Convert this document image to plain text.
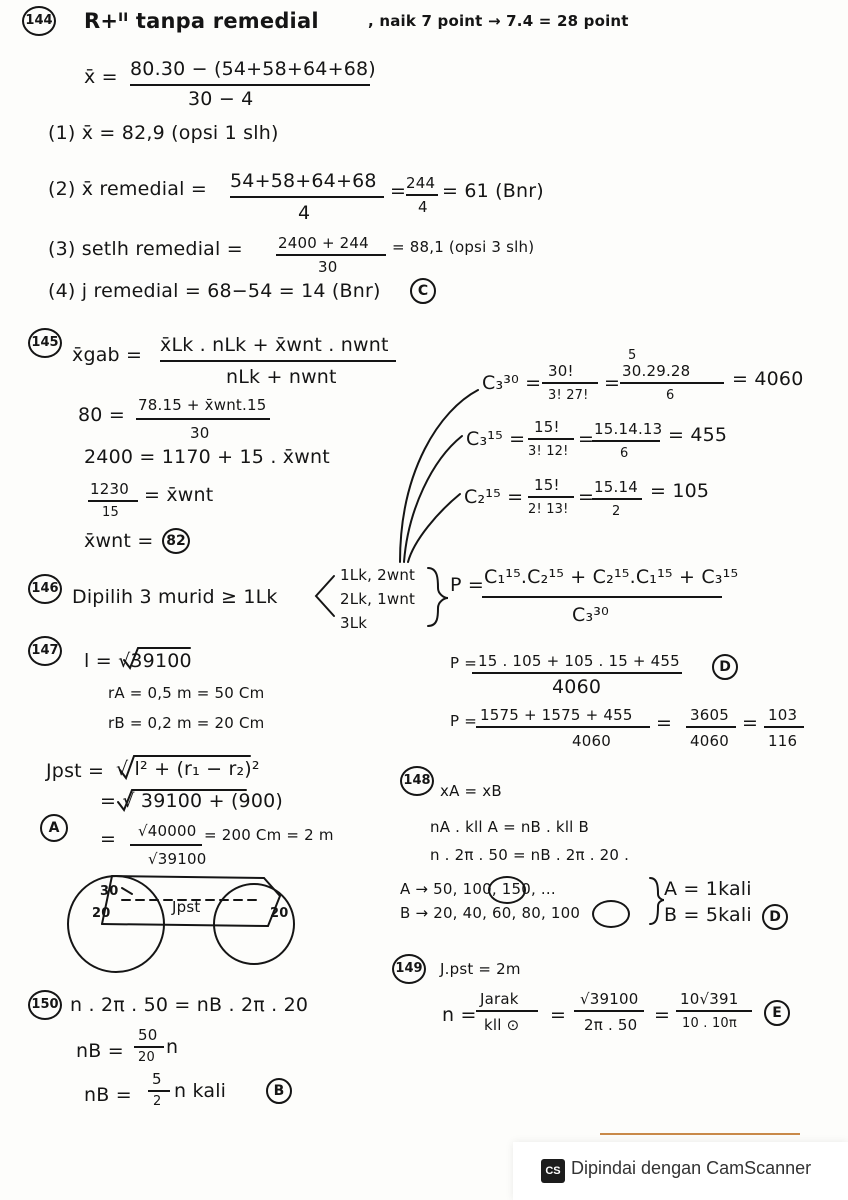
144 R+ᴵᴵ tanpa remedial	, naik 7 point → 7.4 = 28 point
x̄ = 80.30 − (54+58+64+68)
30 − 4
(1) x̄ = 82,9 (opsi 1 slh)
(2) x̄ remedial = 54+58+64+68
4
= 244
4
= 61 (Bnr)
(3) setlh remedial = 2400 + 244
30
= 88,1 (opsi 3 slh)
(4) j remedial = 68−54 = 14 (Bnr)	C
145
x̄gab = x̄Lk . nLk + x̄wnt . nwnt
nLk + nwnt
80 = 78.15 + x̄wnt.15
30
2400 = 1170 + 15 . x̄wnt
1230
15
= x̄wnt
x̄wnt = 82
C₃³⁰ =
30!
3! 27!
=
5
30.29.28
6
= 4060
C₃¹⁵ =
15!
3! 12!
= 15.14.13
6
= 455
C₂¹⁵ =
15!
2! 13!
= 15.14
2
= 105
146 Dipilih 3 murid ≥ 1Lk
1Lk, 2wnt
2Lk, 1wnt
3Lk
P = C₁¹⁵.C₂¹⁵ + C₂¹⁵.C₁¹⁵ + C₃¹⁵
C₃³⁰
P = 15 . 105 + 105 . 15 + 455
4060
D
P = 1575 + 1575 + 455
4060
= 3605
4060
= 103
116
147 l = √39100
rA = 0,5 m = 50 Cm
rB = 0,2 m = 20 Cm
Jpst = √ l² + (r₁ − r₂)²
= √ 39100 + (900)
A	= √40000
√39100
= 200 Cm = 2 m
30
20	20
Jpst
148
xA = xB
nA . kll A = nB . kll B
n . 2π . 50 = nB . 2π . 20 .
A → 50, 100, 150, ...
B → 20, 40, 60, 80, 100
A = 1kali
B = 5kali	D
149 J.pst = 2m
n =
Jarak
kll ⊙ =
√39100
2π . 50 =
10√391
10 . 10π
E
150 n . 2π . 50 = nB . 2π . 20
nB =
50
20 n
nB =
5
2 n kali	B
CS Dipindai dengan CamScanner
